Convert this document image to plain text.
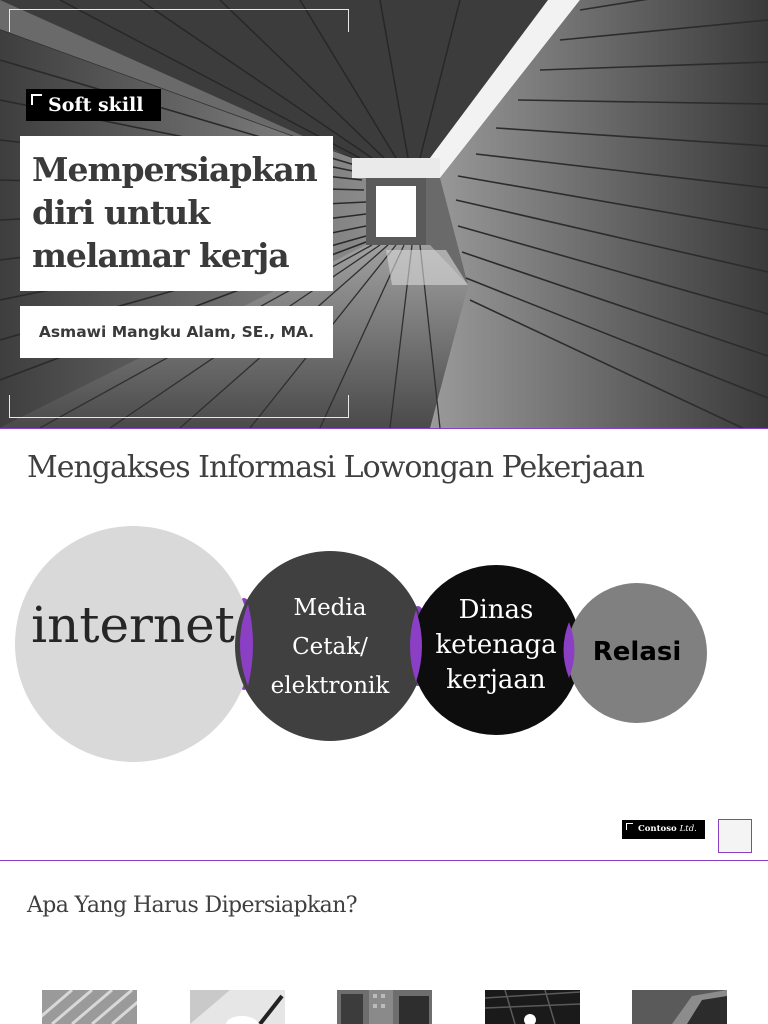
Soft skill
Mempersiapkan
diri untuk
melamar kerja
Asmawi Mangku Alam, SE., MA.
Mengakses Informasi Lowongan Pekerjaan
internet	Media
Cetak/
elektronik
Dinas
ketenaga
kerjaan
Relasi
Contoso Ltd.
Apa Yang Harus Dipersiapkan?
